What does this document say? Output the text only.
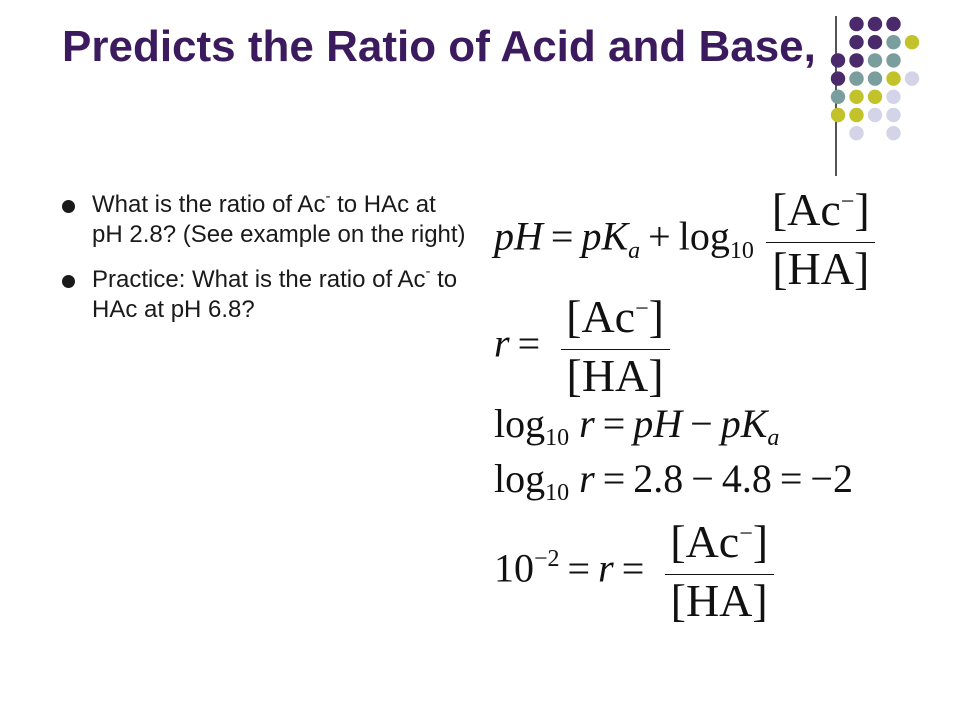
Predicts the Ratio of Acid and Base,
What is the ratio of Ac- to HAc at pH 2.8? (See example on the right)
Practice: What is the ratio of Ac- to HAc at pH 6.8?
pH = $pK_a + \log_{10} \frac{[Ac^-]}{[HA]}$
$r = \frac{[Ac^-]}{[HA]}$
$\log_{10} r$ = pH − $pK_a$
$\log_{10} r = 2.8 - 4.8 = -2$
$10^{-2} = r = \frac{[Ac^-]}{[HA]}$
